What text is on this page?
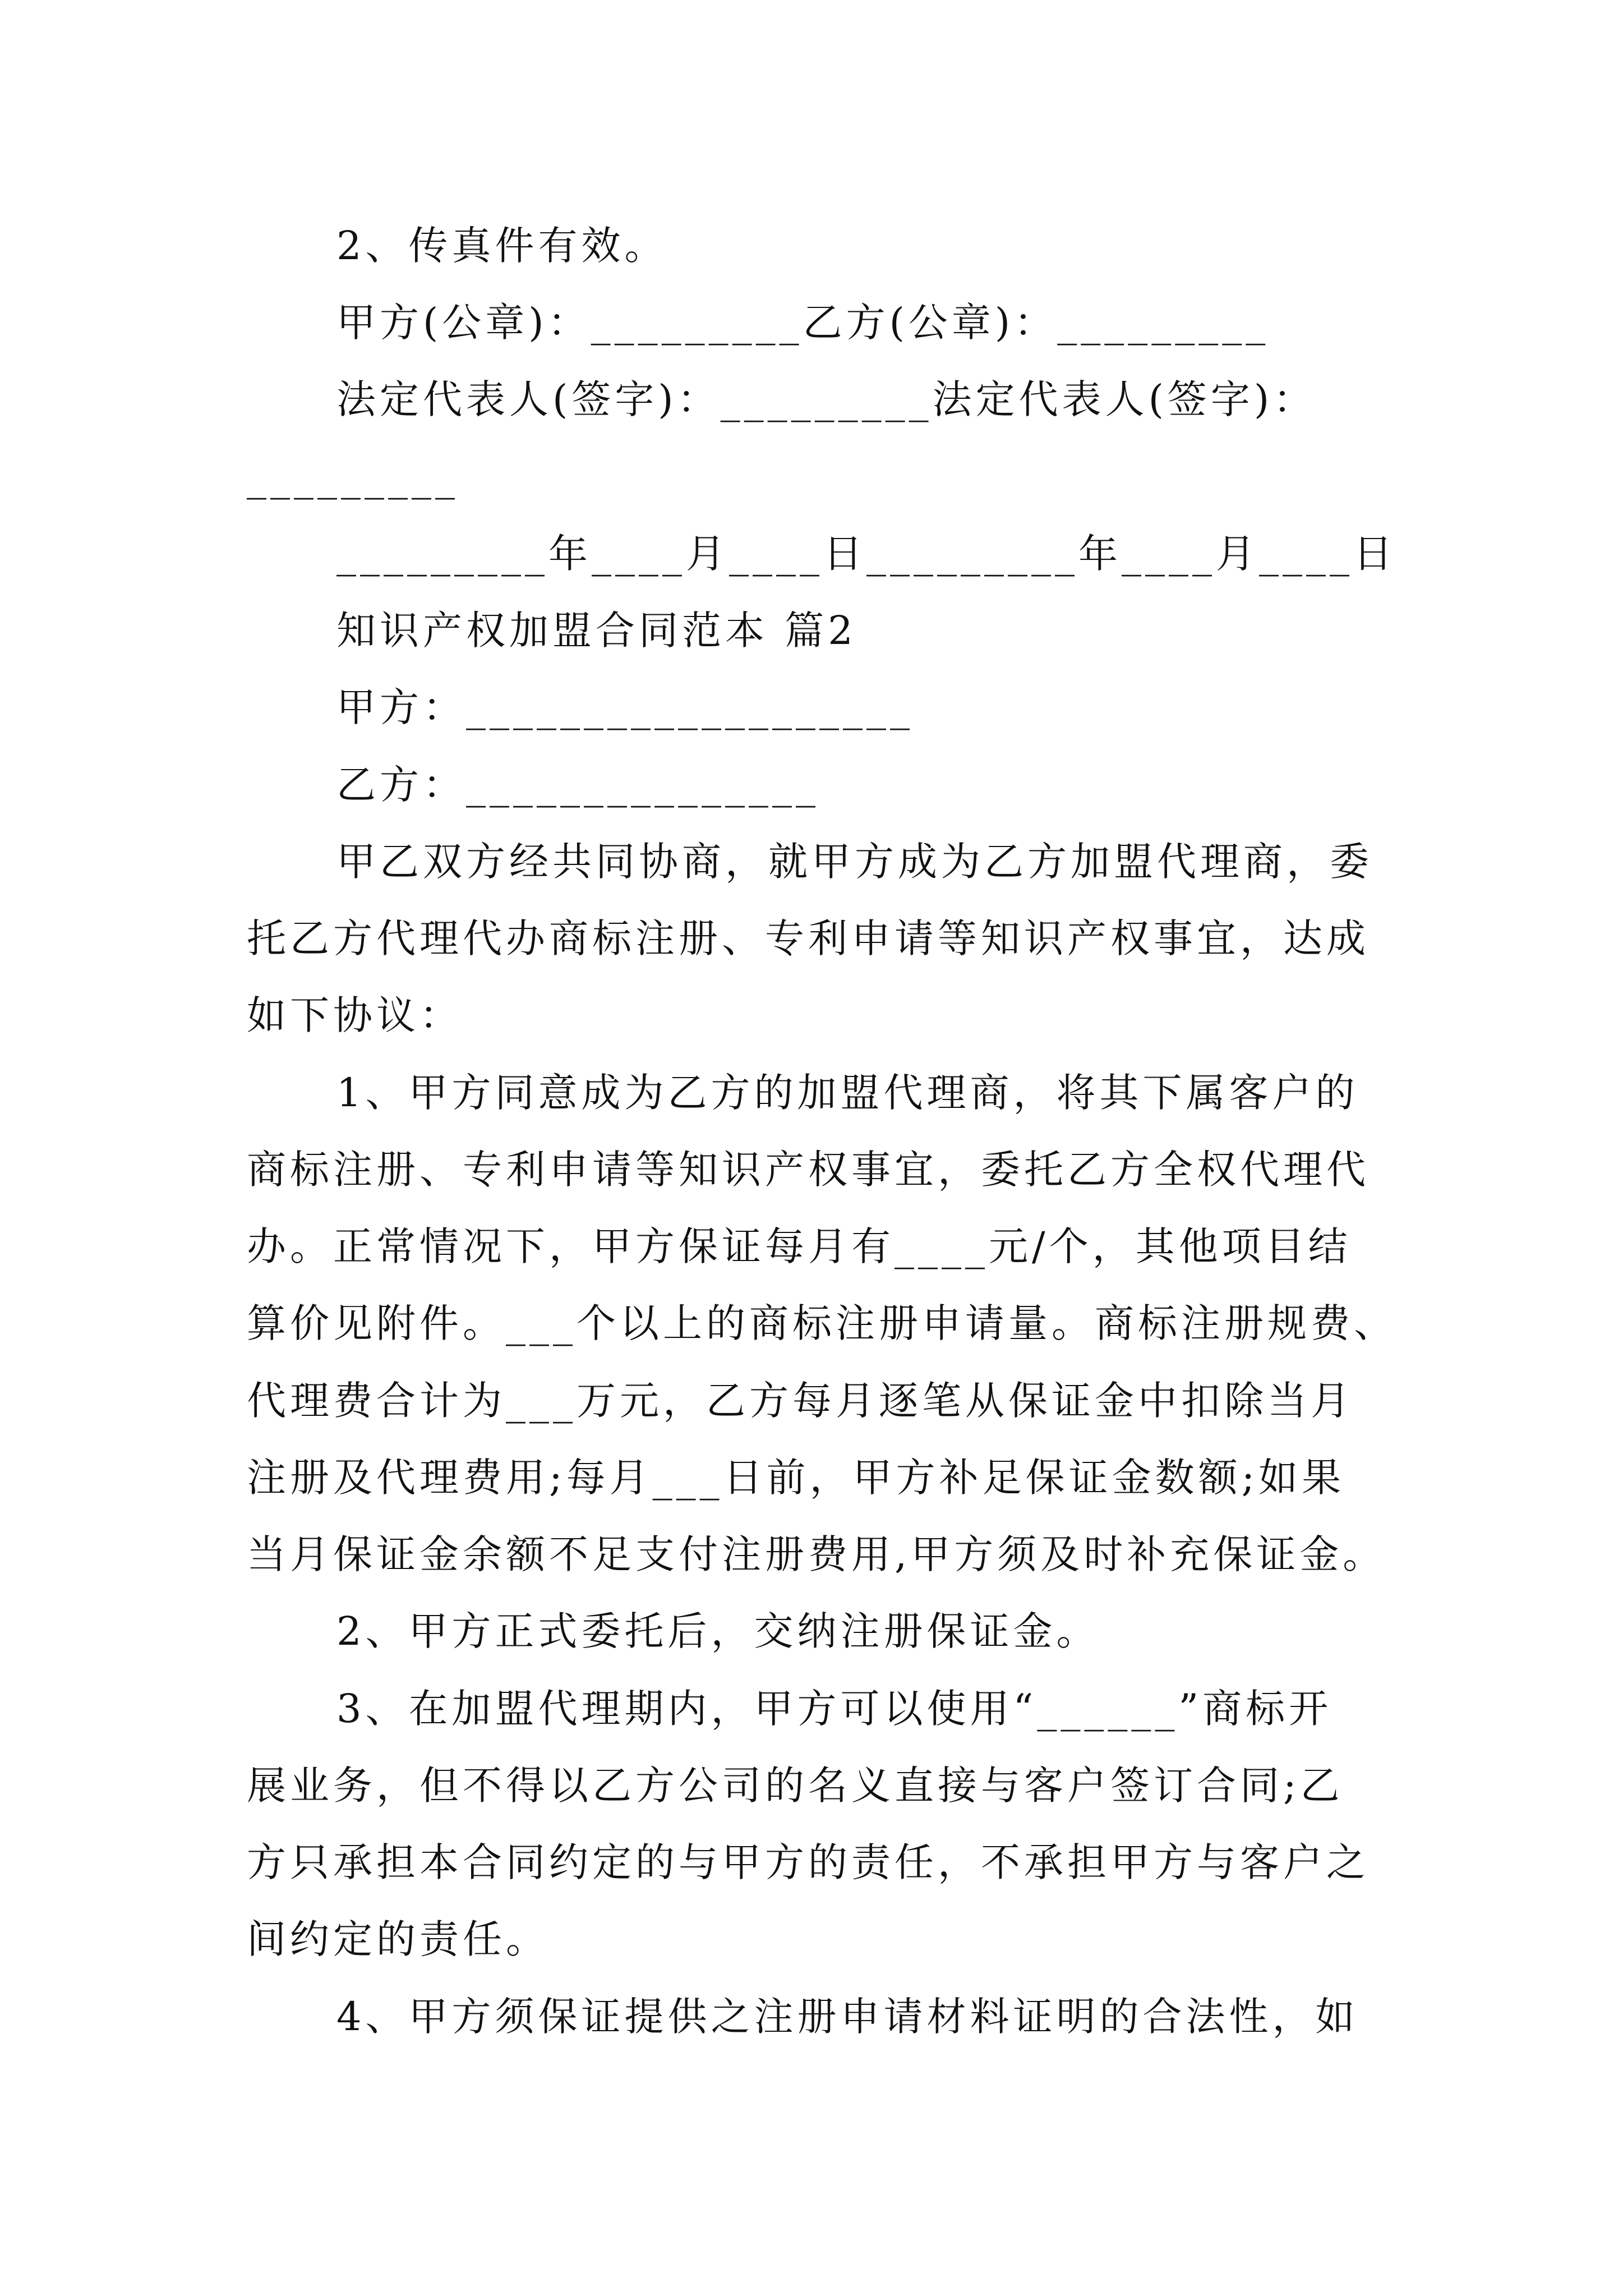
2、传真件有效。
甲方(公章)：_________乙方(公章)：_________
法定代表人(签字)：_________法定代表人(签字)：
_________
_________年____月____日_________年____月____日
知识产权加盟合同范本 篇2
甲方：___________________
乙方：_______________
甲乙双方经共同协商，就甲方成为乙方加盟代理商，委
托乙方代理代办商标注册、专利申请等知识产权事宜，达成
如下协议：
1、甲方同意成为乙方的加盟代理商，将其下属客户的
商标注册、专利申请等知识产权事宜，委托乙方全权代理代
办。正常情况下，甲方保证每月有____元/个，其他项目结
算价见附件。___个以上的商标注册申请量。商标注册规费、
代理费合计为___万元，乙方每月逐笔从保证金中扣除当月
注册及代理费用;每月___日前，甲方补足保证金数额;如果
当月保证金余额不足支付注册费用,甲方须及时补充保证金。
2、甲方正式委托后，交纳注册保证金。
3、在加盟代理期内，甲方可以使用“______”商标开
展业务，但不得以乙方公司的名义直接与客户签订合同;乙
方只承担本合同约定的与甲方的责任，不承担甲方与客户之
间约定的责任。
4、甲方须保证提供之注册申请材料证明的合法性，如
